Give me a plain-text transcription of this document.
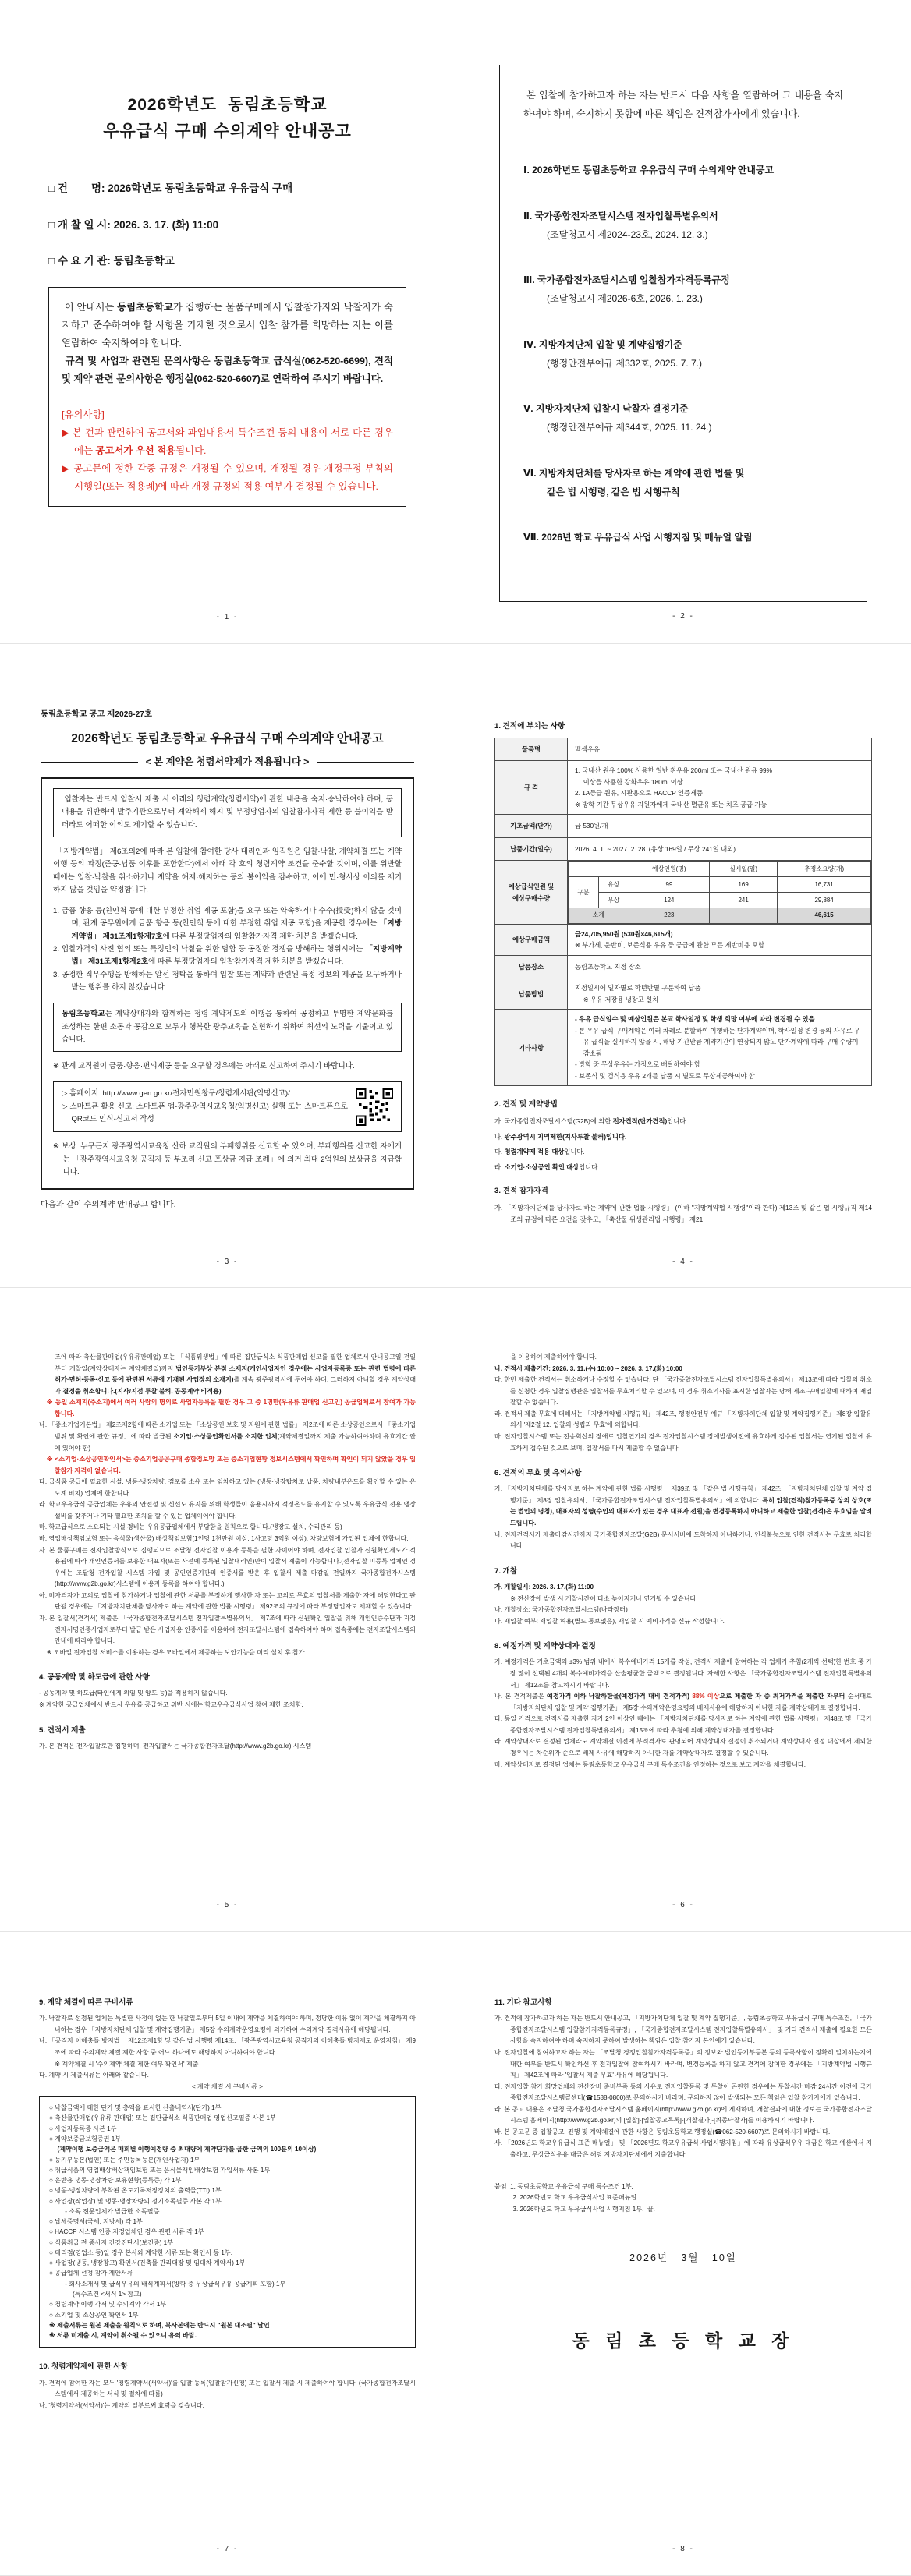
2026학년도  동림초등학교
우유급식 구매 수의계약 안내공고
□ 건        명: 2026학년도 동림초등학교 우유급식 구매
□ 개 찰 일 시: 2026. 3. 17. (화) 11:00
□ 수 요 기 관: 동림초등학교
이 안내서는 동림초등학교가 집행하는 물품구매에서 입찰참가자와 낙찰자가 숙지하고 준수하여야 할 사항을 기재한 것으로서 입찰 참가를 희망하는 자는 이를 열람하여 숙지하여야 합니다.
규격 및 사업과 관련된 문의사항은 동림초등학교 급식실(062-520-6699), 견적 및 계약 관련 문의사항은 행정실(062-520-6607)로 연락하여 주시기 바랍니다.

[유의사항]
▶ 본 건과 관련하여 공고서와 과업내용서·특수조건 등의 내용이 서로 다른 경우에는 공고서가 우선 적용됩니다.
▶ 공고문에 정한 각종 규정은 개정될 수 있으며, 개정될 경우 개정규정 부칙의 시행일(또는 적용례)에 따라 개정 규정의 적용 여부가 결정될 수 있습니다.
- 1 -
본 입찰에 참가하고자 하는 자는 반드시 다음 사항을 열람하여 그 내용을 숙지하여야 하며, 숙지하지 못함에 따른 책임은 견적참가자에게 있습니다.
Ⅰ. 2026학년도 동림초등학교 우유급식 구매 수의계약 안내공고
Ⅱ. 국가종합전자조달시스템 전자입찰특별유의서
(조달청고시 제2024-23호, 2024. 12. 3.)
Ⅲ. 국가종합전자조달시스템 입찰참가자격등록규정
(조달청고시 제2026-6호, 2026. 1. 23.)
Ⅳ. 지방자치단체 입찰 및 계약집행기준
(행정안전부예규 제332호, 2025. 7. 7.)
Ⅴ. 지방자치단체 입찰시 낙찰자 결정기준
(행정안전부예규 제344호, 2025. 11. 24.)
Ⅵ. 지방자치단체를 당사자로 하는 계약에 관한 법률 및
같은 법 시행령, 같은 법 시행규칙
Ⅶ. 2026년 학교 우유급식 사업 시행지침 및 매뉴얼 알림
- 2 -
동림초등학교 공고 제2026-27호
2026학년도 동림초등학교 우유급식 구매 수의계약 안내공고
< 본 계약은 청렴서약제가 적용됩니다 >
입찰자는 반드시 입찰서 제출 시 아래의 청렴계약(청렴서약)에 관한 내용을 숙지·승낙하여야 하며, 동 내용을 위반하여 발주기관으로부터 계약해제·해지 및 부정당업자의 입찰참가자격 제한 등 불이익을 받더라도 어떠한 이의도 제기할 수 없습니다.
「지방계약법」 제6조의2에 따라 본 입찰에 참여한 당사 대리인과 임직원은 입찰·낙찰, 계약체결 또는 계약이행 등의 과정(준공·납품 이후를 포함한다)에서 아래 각 호의 청렴계약 조건을 준수할 것이며, 이를 위반할 때에는 입찰·낙찰을 취소하거나 계약을 해제·해지하는 등의 불이익을 감수하고, 이에 민·형사상 이의를 제기하지 않을 것임을 약정합니다.
1. 금품·향응 등(친인척 등에 대한 부정한 취업 제공 포함)을 요구 또는 약속하거나 수수(授受)하지 않을 것이며, 관계 공무원에게 금품·향응 등(친인척 등에 대한 부정한 취업 제공 포함)을 제공한 경우에는 「지방계약법」 제31조제1항제7호에 따른 부정당업자의 입찰참가자격 제한 처분을 받겠습니다.
2. 입찰가격의 사전 협의 또는 특정인의 낙찰을 위한 담합 등 공정한 경쟁을 방해하는 행위시에는 「지방계약법」 제31조제1항제2호에 따른 부정당업자의 입찰참가자격 제한 처분을 받겠습니다.
3. 공정한 직무수행을 방해하는 알선·청탁을 통하여 입찰 또는 계약과 관련된 특정 정보의 제공을 요구하거나 받는 행위를 하지 않겠습니다.
동림초등학교는 계약상대자와 함께하는 청렴 계약제도의 이행을 통하여 공정하고 투명한 계약문화를 조성하는 한편 소통과 공감으로 모두가 행복한 광주교육을 실현하기 위하여 최선의 노력을 기울이고 있습니다.
※ 관계 교직원이 금품·향응·편의제공 등을 요구할 경우에는 아래로 신고하여 주시기 바랍니다.
▷ 홈페이지: http://www.gen.go.kr/전자민원창구/청렴게시판(익명신고)/
▷ 스마트폰 활용 신고: 스마트폰 앱-광주광역시교육청(익명신고) 실행 또는 스마트폰으로 QR코드 인식-신고서 작성
※ 보상: 누구든지 광주광역시교육청 산하 교직원의 부패행위를 신고할 수 있으며, 부패행위를 신고한 자에게는 「광주광역시교육청 공직자 등 부조리 신고 포상금 지급 조례」에 의거 최대 2억원의 보상금을 지급합니다.
다음과 같이 수의계약 안내공고 합니다.
- 3 -
1. 견적에 부치는 사항
물품명	백색우유

규 격	
1. 국내산 원유 100% 사용한 일반 흰우유 200ml 또는 국내산 원유 99%
이상을 사용한 강화우유 180ml 이상
2. 1A등급 원유, 시판용으로 HACCP 인증제품
※ 방학 기간 무상우유 지원자에게 국내산 멸균유 또는 치즈 공급 가능

기초금액(단가)	금 530원/개

납품기간(일수)	2026. 4. 1. ~ 2027. 2. 28. (유상 169일 / 무상 241일 내외)

예상급식인원 및
예상구매수량	
	예상인원(명)	실시일(일)	추정소요량(개)
구분	유상	99	169	16,731
무상	124	241	29,884
소계	223		46,615

예상구매금액	
금24,705,950원 (530원×46,615개)
※ 부가세, 운반비, 보존식용 우유 등 공급에 관한 모든 제반비용 포함

납품장소	동림초등학교 지정 장소

납품방법	
지정일시에 일자별로 학년반별 구분하여 납품
※ 우유 저장용 냉장고 설치

기타사항	
- 우유 급식일수 및 예상인원은 본교 학사일정 및 학생 희망 여부에 따라 변경될 수 있음
- 본 우유 급식 구매계약은 여러 차례로 분할하여 이행하는 단가계약이며, 학사일정 변경 등의 사유로 우유 급식을 실시하지 않을 시, 해당 기간만큼 계약기간이 연장되지 않고 단가계약에 따라 구매 수량이 감소됨
- 방학 중 무상우유는 가정으로 배달하여야 함
- 보존식 및 검식용 우유 2개를 납품 시 별도로 무상제공하여야 함
2. 견적 및 계약방법
가. 국가종합전자조달시스템(G2B)에 의한 전자견적(단가견적)입니다.
나. 광주광역시 지역제한(지사투찰 불허)입니다.
다. 청렴계약제 적용 대상입니다.
라. 소기업·소상공인 확인 대상입니다.
3. 견적 참가자격
가. 「지방자치단체를 당사자로 하는 계약에 관한 법률 시행령」 (이하 "지방계약법 시행령"이라 한다) 제13조 및 같은 법 시행규칙 제14조의 규정에 따른 요건을 갖추고, 「축산물 위생관리법 시행령」 제21
- 4 -
조에 따라 축산물판매업(우유류판매업) 또는 「식품위생법」에 따른 집단급식소 식품판매업 신고를 필한 업체로서 안내공고일 전일부터 개찰일(계약상대자는 계약체결일)까지 법인등기부상 본점 소재지(개인사업자인 경우에는 사업자등록증 또는 관련 법령에 따른 허가·면허·등록·신고 등에 관련된 서류에 기재된 사업장의 소재지)를 계속 광주광역시에 두어야 하며, 그러하지 아니할 경우 계약상대자 결정을 취소합니다.(지사/지점 투찰 불허, 공동계약 비적용)
※ 동일 소재지(주소지)에서 여러 사람의 명의로 사업자등록을 필한 경우 그 중 1명만(우유류 판매업 신고인) 공급업체로서 참여가 가능합니다.
나. 「중소기업기본법」 제2조제2항에 따른 소기업 또는 「소상공인 보호 및 지원에 관한 법률」 제2조에 따른 소상공인으로서 「중소기업범위 및 확인에 관한 규정」에 따라 발급된 소기업·소상공인확인서를 소지한 업체(계약체결일까지 제출 가능하여야하며 유효기간 안에 있어야 함)
※ <소기업·소상공인확인서>는 중소기업공공구매 종합정보망 또는 중소기업현황 정보시스템에서 확인하며 확인이 되지 않았을 경우 입찰참가 자격이 없습니다.
다. 급식품 공급에 필요한 시설, 냉동·냉장차량, 점포를 소유 또는 임차하고 있는 (냉동·냉장탑차로 납품, 차량내부온도를 확인할 수 있는 온도계 비치) 업체에 한합니다.
라. 학교우유급식 공급업체는 우유의 안전성 및 신선도 유지를 위해 학생들이 음용시까지 적정온도를 유지할 수 있도록 우유급식 전용 냉장설비를 갖추거나 기타 필요한 조치를 할 수 있는 업체이어야 합니다.
마. 학교급식으로 소요되는 시설 경비는 우유공급업체에서 부담함을 원칙으로 합니다.(냉장고 설치, 수리관리 등)
바. 영업배상책임보험 또는 음식물(생산물) 배상책임보험(1인당 1천만원 이상, 1사고당 3억원 이상), 차량보험에 가입된 업체에 한합니다.
사. 본 물품구매는 전자입찰방식으로 집행되므로 조달청 전자입찰 이용자 등록을 필한 자이어야 하며, 전자입찰 입찰자 신원확인제도가 적용됨에 따라 개인인증서를 보유한 대표자(또는 사전에 등록된 입찰대리인)만이 입찰서 제출이 가능합니다.(전자입찰 미등록 업체인 경우에는 조달청 전자입찰 시스템 가입 및 공인인증기관의 인증서를 받은 후 입찰서 제출 마감일 전일까지 국가종합전자시스템(http://www.g2b.go.kr)시스템에 이용자 등록을 하여야 합니다.)
아. 미자격자가 고의로 입찰에 참가하거나 입찰에 관한 서류를 부정하게 행사한 자 또는 고의로 무효의 입찰서를 제출한 자에 해당한다고 판단될 경우에는 「지방자치단체를 당사자로 하는 계약에 관한 법률 시행령」 제92조의 규정에 따라 부정당업자로 제재할 수 있습니다.
자. 본 입찰서(견적서) 제출은 「국가종합전자조달시스템 전자입찰특별유의서」 제7조에 따라 신원확인 입찰을 위해 개인인증수단과 지정전자서명인증사업자로부터 발급 받은 사업자용 인증서를 이용하여 전자조달시스템에 접속하여야 하며 접속중에는 전자조달시스템의 안내에 따라야 합니다.
※ 모바일 전자입찰 서비스를 이용하는 경우 모바일에서 제공하는 보안기능을 미리 설치 후 참가
4. 공동계약 및 하도급에 관한 사항
- 공동계약 및 하도급(타인에게 위임 및 양도 등)을 적용하지 않습니다.
※ 계약한 공급업체에서 반드시 우유를 공급하고 위반 시에는 학교우유급식사업 참여 제한 조치함.
5. 견적서 제출
가. 본 견적은 전자입찰로만 집행하며, 전자입찰서는 국가종합전자조달(http://www.g2b.go.kr) 시스템
- 5 -
을 이용하여 제출하여야 합니다.
나. 견적서 제출기간: 2026. 3. 11.(수) 10:00 ~ 2026. 3. 17.(화) 10:00
다. 한번 제출한 견적서는 취소하거나 수정할 수 없습니다. 단 「국가종합전자조달시스템 전자입찰특별유의서」 제13조에 따라 입찰의 취소를 신청한 경우 입찰집행관은 입찰서를 무효처리할 수 있으며, 이 경우 취소의사를 표시한 입찰자는 당해 제조·구매입찰에 대하여 재입찰할 수 없습니다.
라. 견적서 제출 무효에 대해서는 「지방계약법 시행규칙」 제42조, 행정안전부 예규 「지방자치단체 입찰 및 계약집행기준」 제8장 입찰유의서 '제2절 12. 입찰의 성립과 무효'에 의합니다.
마. 전자입찰시스템 또는 전송회신의 장애로 입찰연기의 경우 전자입찰시스템 장애발생이전에 유효하게 접수된 입찰서는 연기된 입찰에 유효하게 접수된 것으로 보며, 입찰서를 다시 제출할 수 없습니다.
6. 견적의 무효 및 유의사항
가. 「지방자치단체를 당사자로 하는 계약에 관한 법률 시행령」 제39조 및 「같은 법 시행규칙」 제42조, 「지방자치단체 입찰 및 계약 집행기준」 제8장 입찰유의서, 「국가종합전자조달시스템 전자입찰특별유의서」에 의합니다. 특히 입찰(견적)참가등록증 상의 상호(또는 법인의 명칭), 대표자의 성명(수인의 대표자가 있는 경우 대표자 전원)을 변경등록하지 아니하고 제출한 입찰(견적)은 무효임을 알려드립니다.
나. 전자견적서가 제출마감시간까지 국가종합전자조달(G2B) 문서서버에 도착하지 아니하거나, 인식불능으로 인한 견적서는 무효로 처리합니다.
7. 개찰
가. 개찰일시: 2026. 3. 17.(화) 11:00
※ 전산장애 발생 시 개찰시간이 다소 늦어지거나 연기될 수 있습니다.
나. 개찰장소: 국가종합전자조달시스템(나라장터)
다. 재입찰 여부: 재입찰 허용(별도 통보없음), 재입찰 시 예비가격을 신규 작성합니다.
8. 예정가격 및 계약상대자 결정
가. 예정가격은 기초금액의 ±3% 범위 내에서 복수예비가격 15개를 작성, 견적서 제출에 참여하는 각 업체가 추첨(2개씩 선택)한 번호 중 가장 많이 선택된 4개의 복수예비가격을 산술평균한 금액으로 결정됩니다. 자세한 사항은 「국가종합전자조달시스템 전자입찰특별유의서」 제12조를 참고하시기 바랍니다.
나. 본 견적제출은 예정가격 이하 낙찰하한율(예정가격 대비 견적가격) 88% 이상으로 제출한 자 중 최저가격을 제출한 자부터 순서대로 「지방자치단체 입찰 및 계약 집행기준」 제5장 수의계약운영요령의 배제사유에 해당하지 아니한 자를 계약상대자로 결정합니다.
다. 동일 가격으로 견적서를 제출한 자가 2인 이상인 때에는 「지방자치단체를 당사자로 하는 계약에 관한 법률 시행령」 제48조 및 「국가종합전자조달시스템 전자입찰특별유의서」 제15조에 따라 추첨에 의해 계약상대자를 결정합니다.
라. 계약상대자로 결정된 업체라도 계약체결 이전에 부적격자로 판명되어 계약상대자 결정이 취소되거나 계약상대자 결정 대상에서 제외한 경우에는 차순위자 순으로 배제 사유에 해당하지 아니한 자를 계약상대자로 결정할 수 있습니다.
마. 계약상대자로 결정된 업체는 동림초등학교 우유급식 구매 특수조건을 인정하는 것으로 보고 계약을 체결합니다.
- 6 -
9. 계약 체결에 따른 구비서류
가. 낙찰자로 선정된 업체는 특별한 사정이 없는 한 낙찰일로부터 5일 이내에 계약을 체결하여야 하며, 정당한 이유 없이 계약을 체결하지 아니하는 경우 「지방자치단체 입찰 및 계약집행기준」 제5장 수의계약운영요령에 의거하여 수의계약 결격사유에 해당됩니다.
나. 「공직자 이해충돌 방지법」 제12조제1항 및 같은 법 시행령 제14조, 「광주광역시교육청 공직자의 이해충돌 방지제도 운영지침」 제9조에 따라 수의계약 체결 제한 사항 중 어느 하나에도 해당하지 아니하여야 합니다.
※ 계약체결 시 '수의계약 체결 제한 여부 확인서' 제출
다. 계약 시 제출서류는 아래와 같습니다.
< 계약 체결 시 구비서류 >
○ 낙찰금액에 대한 단가 및 총액을 표시한 산출내역서(단가) 1부
○ 축산물판매업(우유류 판매업) 또는 집단급식소 식품판매업 영업신고필증 사본 1부
○ 사업자등록증 사본 1부
○ 계약보증금보험증권 1부.
(계약이행 보증금액은 매회별 이행예정량 중 최대량에 계약단가를 곱한 금액의 100분의 10이상)
○ 등기부등본(법인) 또는 주민등록등본(개인사업자) 1부
○ 취급식품의 영업배상배상책임보험 또는 음식물책임배상보험 가입서류 사본 1부
○ 운반용 냉동·냉장차량 보유현황(등록증) 각 1부
○ 냉동·냉장차량에 부착된 온도기록저장장치의 출력물(TTI) 1부
○ 사업장(작업장) 및 냉동·냉장차량의 정기소독필증 사본 각 1부
- 소독 전문업체가 발급한 소독필증
○ 납세증명서(국세, 지방세) 각 1부
○ HACCP 시스템 인증 지정업체인 경우 관련 서류 각 1부
○ 식품취급 전 종사자 건강진단서(보건증) 1부
○ 대리점(영업소 등)일 경우 본사와 계약한 서류 또는 확인서 등 1부.
○ 사업장(냉동, 냉장창고) 확인서(건축물 관리대장 및 임대차 계약서) 1부
○ 공급업체 선정 참가 제안서류
- 회사소개서 및 급식우유의 배식계획서(방학 중 무상급식우유 공급계획 포함) 1부
(특수조건 <서식 1> 참고)
○ 청렴계약 이행 각서 및 수의계약 각서 1부
○ 소기업 및 소상공인 확인서 1부
※ 제출서류는 원본 제출을 원칙으로 하며, 복사본에는 반드시 "원본 대조필" 날인
※ 서류 미제출 시, 계약이 취소될 수 있으니 유의 바람.
10. 청렴계약제에 관한 사항
가. 견적에 참여한 자는 모두 '청렴계약서(서약서)'를 입찰 등록(입찰참가신청) 또는 입찰서 제출 시 제출하여야 합니다. (국가종합전자조달시스템에서 제공하는 서식 및 절차에 따름)
나. '청렴계약서(서약서)'는 계약의 일부로써 효력을 갖습니다.
- 7 -
11. 기타 참고사항
가. 견적에 참가하고자 하는 자는 반드시 안내공고, 「지방자치단체 입찰 및 계약 집행기준」, 동림초등학교 우유급식 구매 특수조건, 「국가종합전자조달시스템 입찰참가자격등록규정」, 「국가종합전자조달시스템 전자입찰특별유의서」 및 기타 견적서 제출에 필요한 모든 사항을 숙지하여야 하며 숙지하지 못하여 발생하는 책임은 입찰 참가자 본인에게 있습니다.
나. 전자입찰에 참여하고자 하는 자는 「조달청 경쟁입찰참가자격등록증」의 정보와 법인등기부등본 등의 등록사항이 정확히 일치하는지에 대한 여부를 반드시 확인하신 후 전자입찰에 참여하시기 바라며, 변경등록을 하지 않고 견적에 참여한 경우에는 「지방계약법 시행규칙」 제42조에 따라 '입찰서 제출 무효' 사유에 해당됩니다.
다. 전자입찰 참가 희망업체의 전산장비 준비부족 등의 사유로 전자입찰등록 및 투찰이 곤란한 경우에는 투찰시간 마감 24시간 이전에 국가종합전자조달시스템콜센터(☎1588-0800)로 문의하시기 바라며, 문의하지 않아 발생되는 모든 책임은 입찰 참가자에게 있습니다.
라. 본 공고 내용은 조달청 국가종합전자조달시스템 홈페이지(http://www.g2b.go.kr)에 게재하며, 개찰결과에 대한 정보는 국가종합전자조달시스템 홈페이지(http://www.g2b.go.kr)의 [입찰]-[입찰공고목록]-[개찰결과]-[최종낙찰자]를 이용하시기 바랍니다.
바. 본 공고문 중 입찰공고, 진행 및 계약체결에 관한 사항은 동림초등학교 행정실(☎062-520-6607)로 문의하시기 바랍니다.
사. 「2026년도 학교우유급식 표준 매뉴얼」 및 「2026년도 학교우유급식 사업시행지침」에 따라 유상급식우유 대금은 학교 예산에서 지출하고, 무상급식우유 대금은 해당 지방자치단체에서 지출합니다.
붙임  1. 동림초등학교 우유급식 구매 특수조건 1부.
2. 2026학년도 학교 우유급식사업 표준매뉴얼
3. 2026학년도 학교 우유급식사업 시행지침 1부.  끝.
2026년   3월   10일
동 림 초 등 학 교 장
- 8 -
